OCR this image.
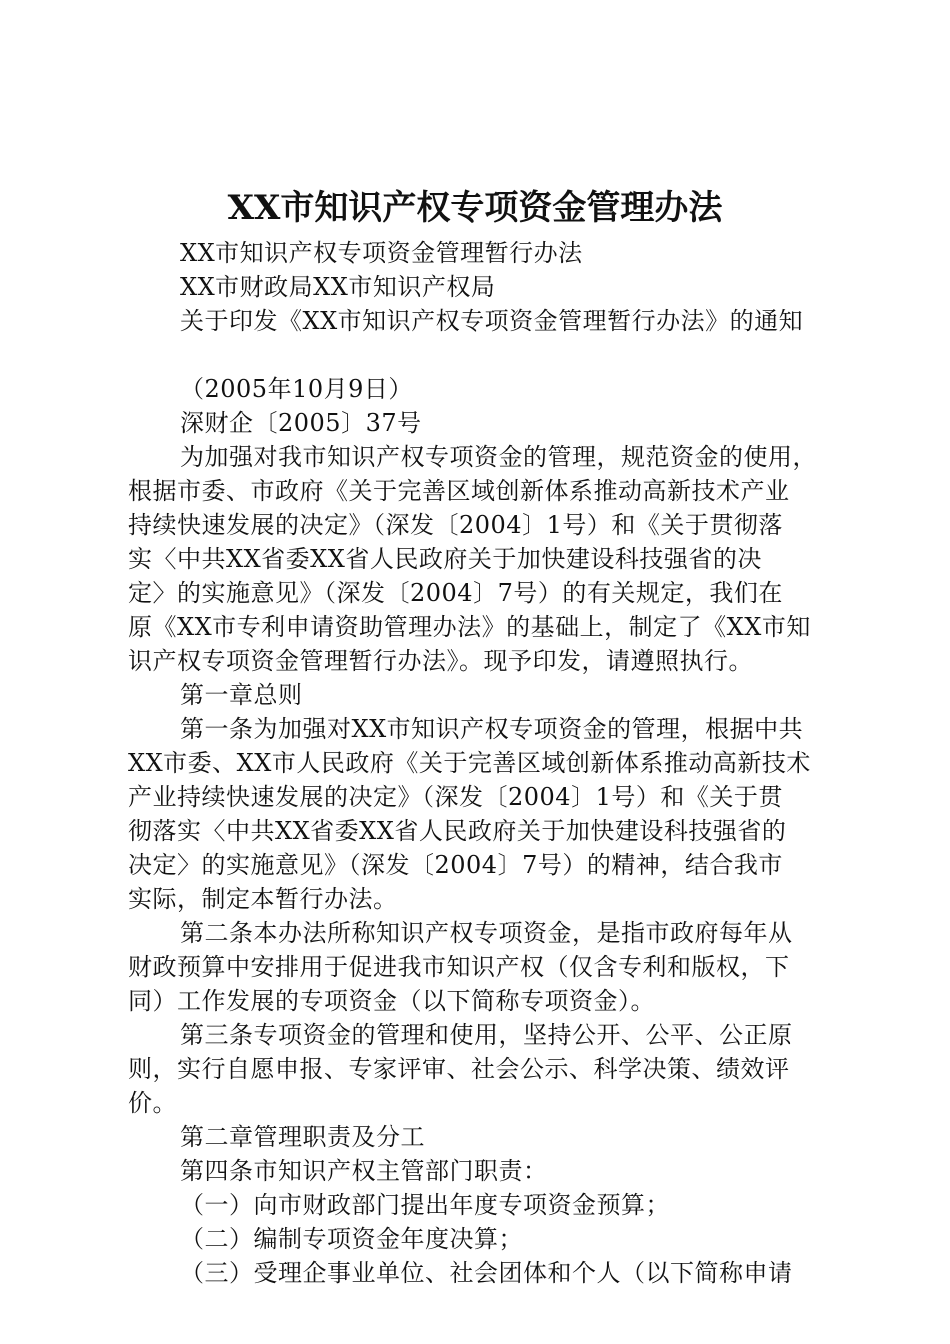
XX市知识产权专项资金管理办法
XX市知识产权专项资金管理暂行办法
XX市财政局XX市知识产权局
关于印发《XX市知识产权专项资金管理暂行办法》的通知
（2005年10月9日）
深财企〔2005〕37号
为加强对我市知识产权专项资金的管理，规范资金的使用，
根据市委、市政府《关于完善区域创新体系推动高新技术产业
持续快速发展的决定》（深发〔2004〕1号）和《关于贯彻落
实〈中共XX省委XX省人民政府关于加快建设科技强省的决
定〉的实施意见》（深发〔2004〕7号）的有关规定，我们在
原《XX市专利申请资助管理办法》的基础上，制定了《XX市知
识产权专项资金管理暂行办法》。现予印发，请遵照执行。
第一章总则
第一条为加强对XX市知识产权专项资金的管理，根据中共
XX市委、XX市人民政府《关于完善区域创新体系推动高新技术
产业持续快速发展的决定》（深发〔2004〕1号）和《关于贯
彻落实〈中共XX省委XX省人民政府关于加快建设科技强省的
决定〉的实施意见》（深发〔2004〕7号）的精神，结合我市
实际，制定本暂行办法。
第二条本办法所称知识产权专项资金，是指市政府每年从
财政预算中安排用于促进我市知识产权（仅含专利和版权，下
同）工作发展的专项资金（以下简称专项资金）。
第三条专项资金的管理和使用，坚持公开、公平、公正原
则，实行自愿申报、专家评审、社会公示、科学决策、绩效评
价。
第二章管理职责及分工
第四条市知识产权主管部门职责：
（一）向市财政部门提出年度专项资金预算；
（二）编制专项资金年度决算；
（三）受理企事业单位、社会团体和个人（以下简称申请
